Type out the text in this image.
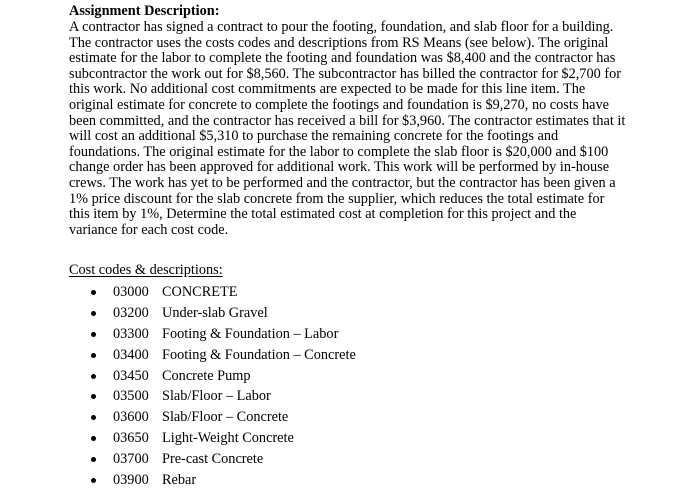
Assignment Description:

A contractor has signed a contract to pour the footing, foundation, and slab floor for a building.

The contractor uses the costs codes and descriptions from RS Means (see below). The original

estimate for the labor to complete the footing and foundation was $8,400 and the contractor has

subcontractor the work out for $8,560. The subcontractor has billed the contractor for $2,700 for

this work. No additional cost commitments are expected to be made for this line item. The

original estimate for concrete to complete the footings and foundation is $9,270, no costs have

been committed, and the contractor has received a bill for $3,960. The contractor estimates that it

will cost an additional $5,310 to purchase the remaining concrete for the footings and

foundations. The original estimate for the labor to complete the slab floor is $20,000 and $100

change order has been approved for additional work. This work will be performed by in-house

crews. The work has yet to be performed and the contractor, but the contractor has been given a

1% price discount for the slab concrete from the supplier, which reduces the total estimate for

this item by 1%, Determine the total estimated cost at completion for this project and the

variance for each cost code.

Cost codes & descriptions:
03000 CONCRETE
03200 Under-slab Gravel
03300 Footing & Foundation – Labor
03400 Footing & Foundation – Concrete
03450 Concrete Pump
03500 Slab/Floor – Labor
03600 Slab/Floor – Concrete
03650 Light-Weight Concrete
03700 Pre-cast Concrete
03900 Rebar
